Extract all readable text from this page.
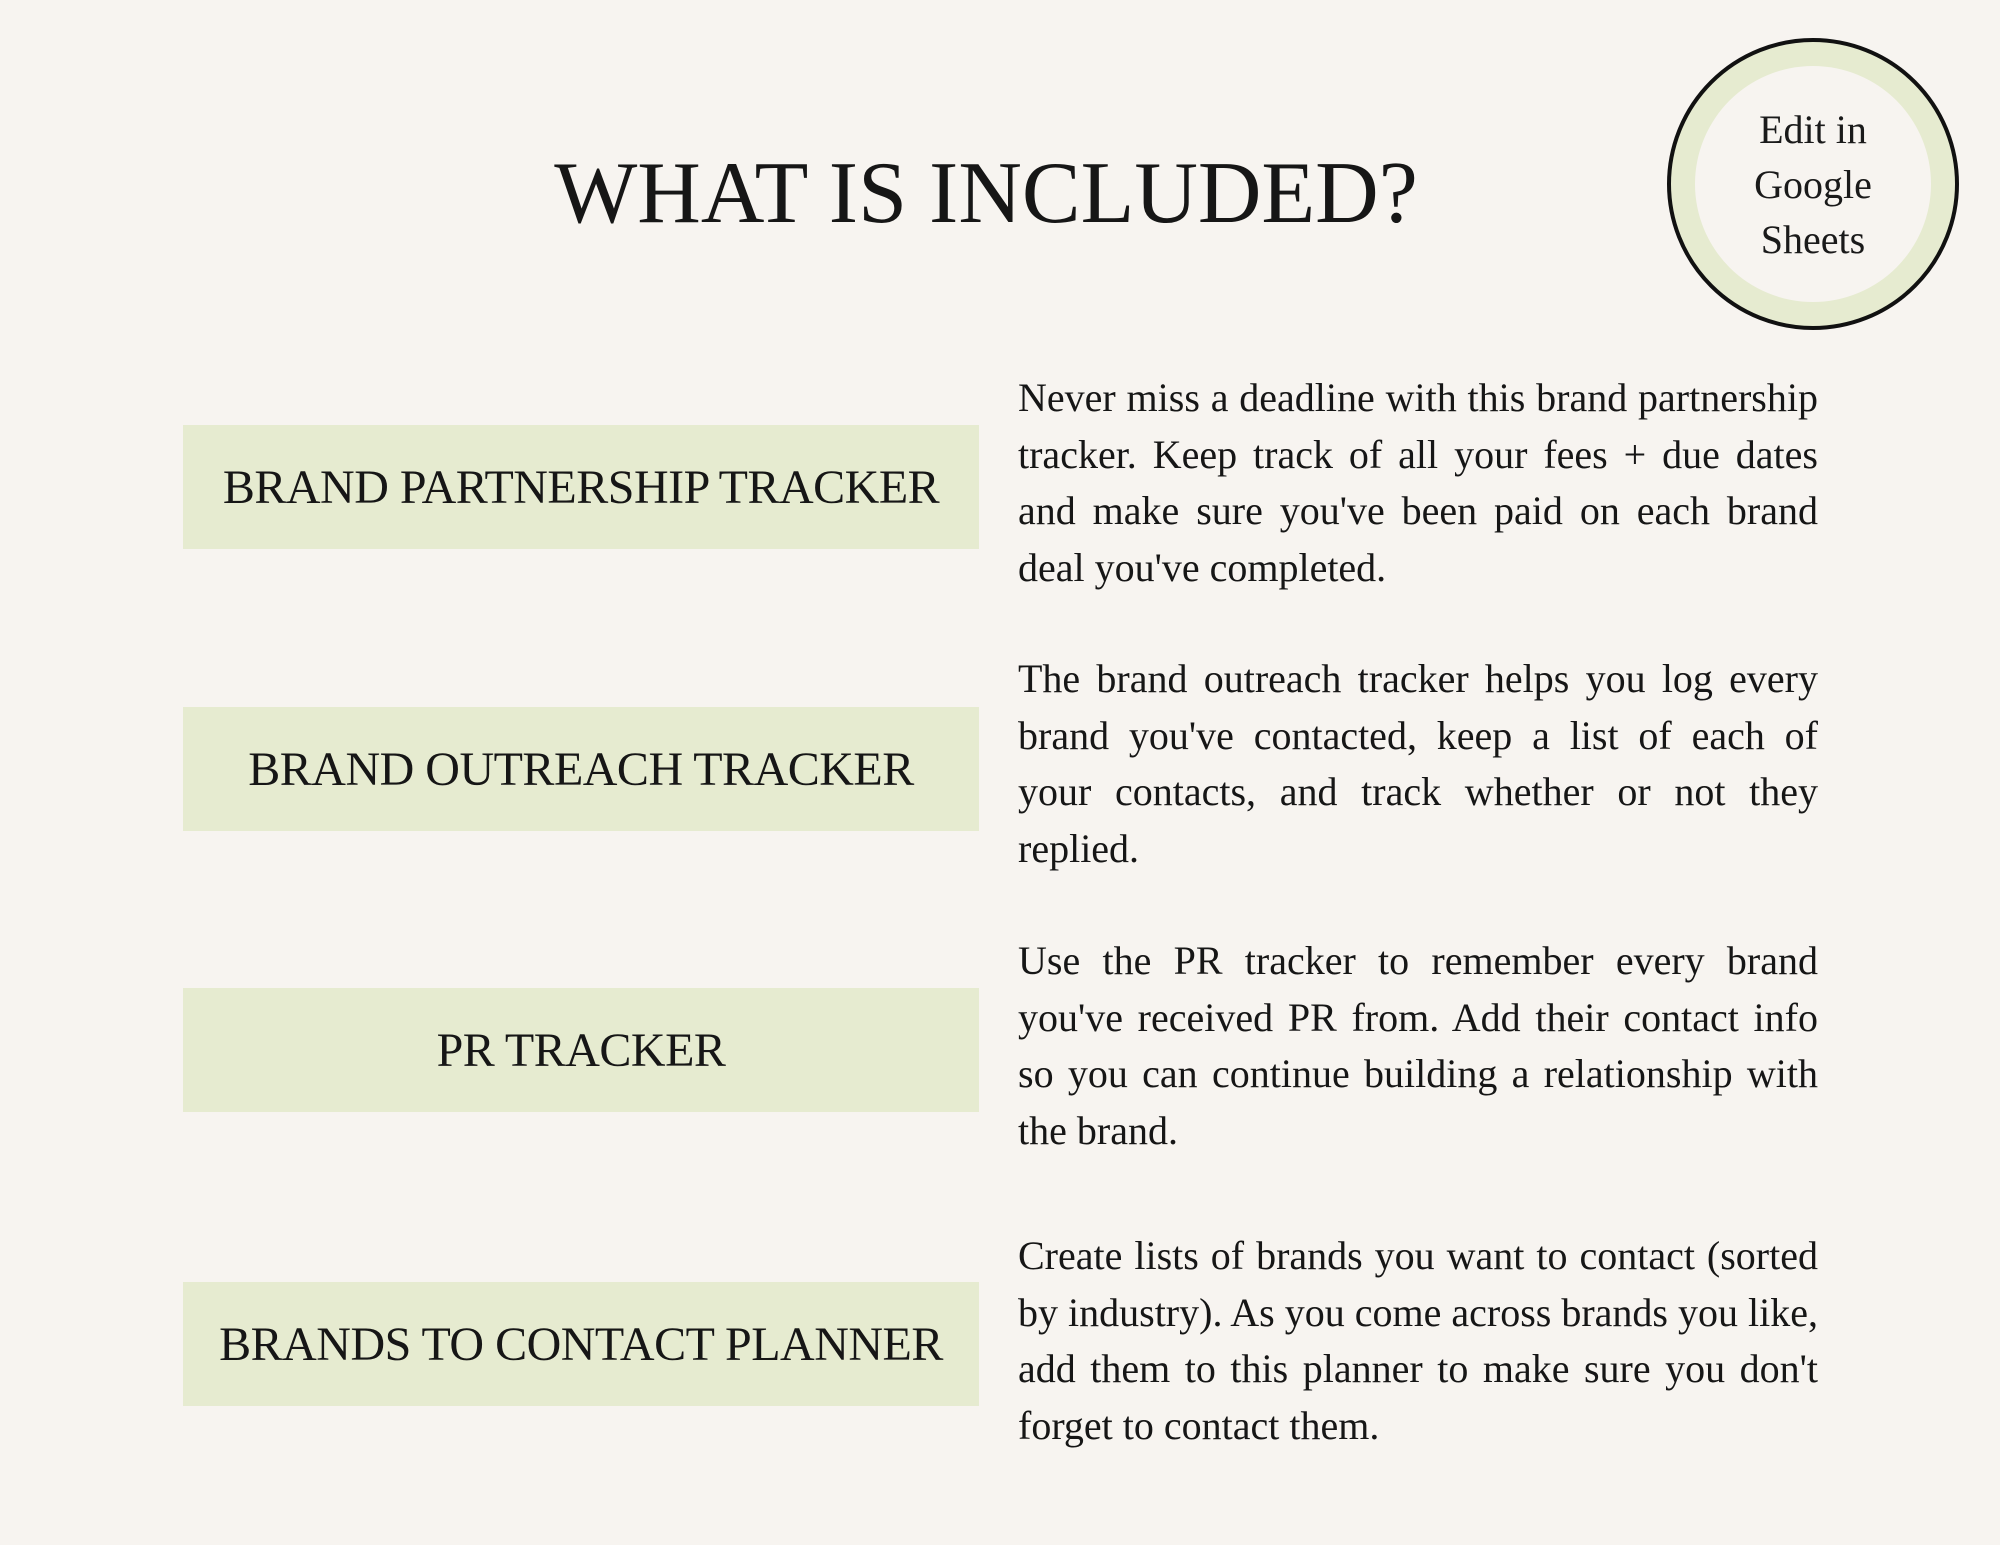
WHAT IS INCLUDED?
Edit in Google Sheets
BRAND PARTNERSHIP TRACKER

Never miss a deadline with this brand partnership tracker. Keep track of all your fees + due dates and make sure you've been paid on each brand deal you've completed.

BRAND OUTREACH TRACKER

The brand outreach tracker helps you log every brand you've contacted, keep a list of each of your contacts, and track whether or not they replied.

PR TRACKER

Use the PR tracker to remember every brand you've received PR from. Add their contact info so you can continue building a relationship with the brand.

BRANDS TO CONTACT PLANNER

Create lists of brands you want to contact (sorted by industry). As you come across brands you like, add them to this planner to make sure you don't forget to contact them.
